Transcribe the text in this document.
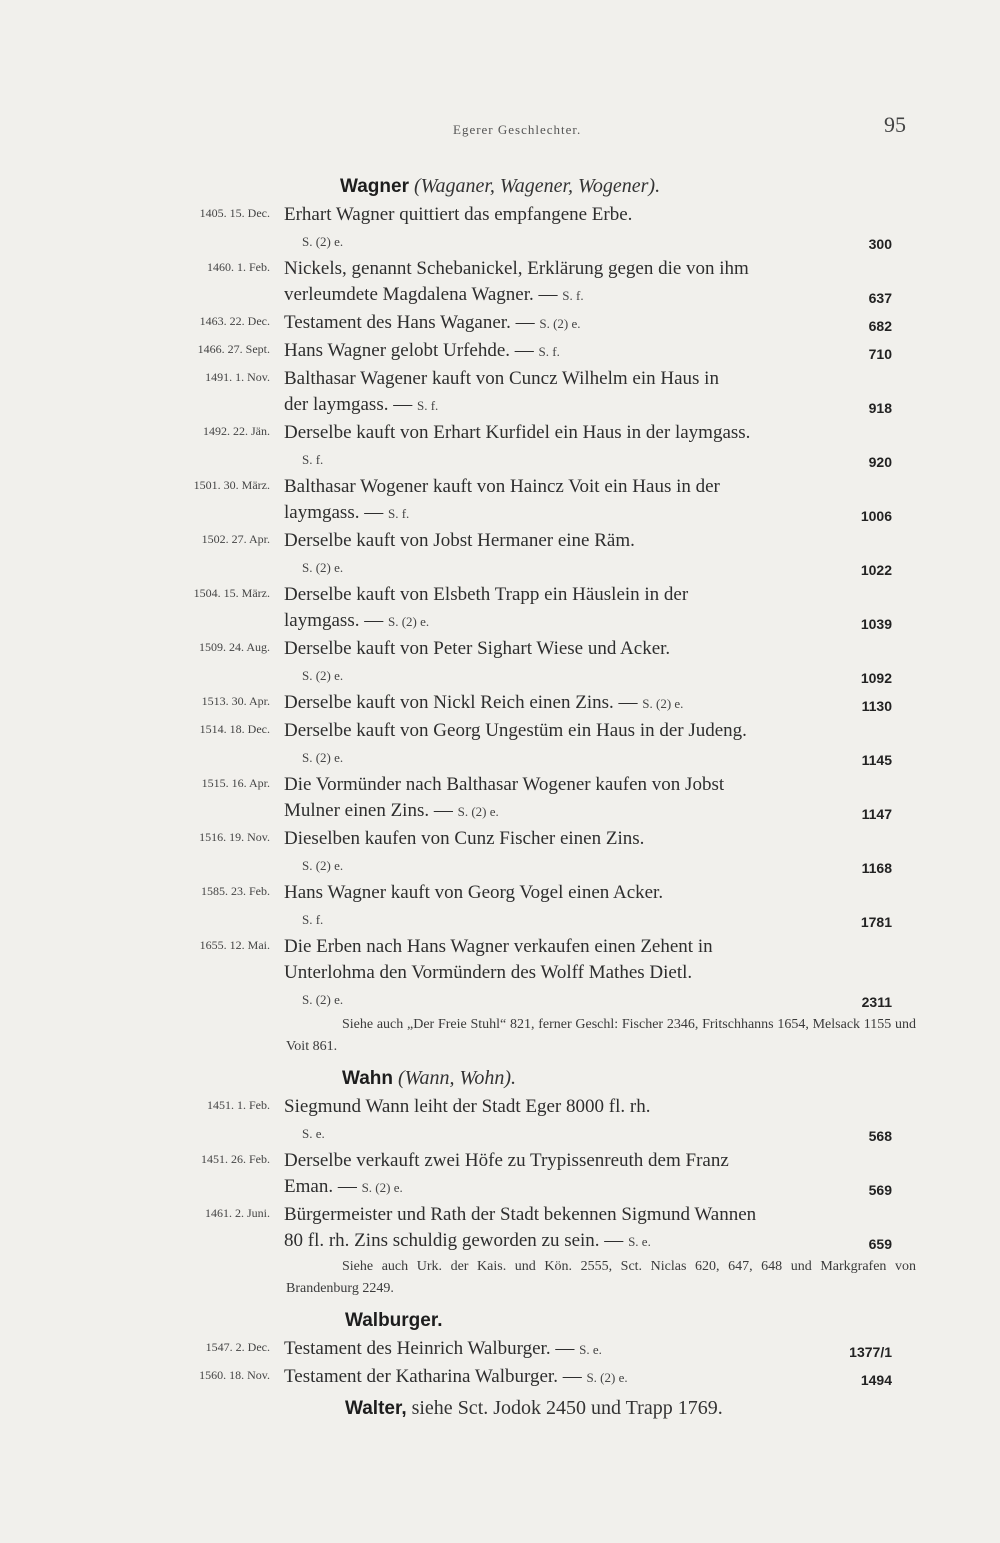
Egerer Geschlechter.	95
Wagner (Waganer, Wagener, Wogener).
1405. 15. Dec. Erhart Wagner quittiert das empfangene Erbe.
S. (2) e.	300
1460. 1. Feb. Nickels, genannt Schebanickel, Erklärung gegen die von ihm
verleumdete Magdalena Wagner. — S. f.	637
1463. 22. Dec. Testament des Hans Waganer. — S. (2) e.	682
1466. 27. Sept. Hans Wagner gelobt Urfehde. — S. f.	710
1491. 1. Nov. Balthasar Wagener kauft von Cuncz Wilhelm ein Haus in
der laymgass. — S. f.	918
1492. 22. Jän. Derselbe kauft von Erhart Kurfidel ein Haus in der laymgass.
S. f.	920
1501. 30. März. Balthasar Wogener kauft von Haincz Voit ein Haus in der
laymgass. — S. f.	1006
1502. 27. Apr. Derselbe kauft von Jobst Hermaner eine Räm.
S. (2) e.	1022
1504. 15. März. Derselbe kauft von Elsbeth Trapp ein Häuslein in der
laymgass. — S. (2) e.	1039
1509. 24. Aug. Derselbe kauft von Peter Sighart Wiese und Acker.
S. (2) e.	1092
1513. 30. Apr. Derselbe kauft von Nickl Reich einen Zins. — S. (2) e.	1130
1514. 18. Dec. Derselbe kauft von Georg Ungestüm ein Haus in der Judeng.
S. (2) e.	1145
1515. 16. Apr. Die Vormünder nach Balthasar Wogener kaufen von Jobst
Mulner einen Zins. — S. (2) e.	1147
1516. 19. Nov. Dieselben kaufen von Cunz Fischer einen Zins.
S. (2) e.	1168
1585. 23. Feb. Hans Wagner kauft von Georg Vogel einen Acker.
S. f.	1781
1655. 12. Mai. Die Erben nach Hans Wagner verkaufen einen Zehent in
Unterlohma den Vormündern des Wolff Mathes Dietl.
S. (2) e.	2311
Siehe auch „Der Freie Stuhl“ 821, ferner Geschl: Fischer 2346, Fritschhanns 1654, Melsack 1155 und Voit 861.
Wahn (Wann, Wohn).
1451. 1. Feb. Siegmund Wann leiht der Stadt Eger 8000 fl. rh.
S. e.	568
1451. 26. Feb. Derselbe verkauft zwei Höfe zu Trypissenreuth dem Franz
Eman. — S. (2) e.	569
1461. 2. Juni. Bürgermeister und Rath der Stadt bekennen Sigmund Wannen
80 fl. rh. Zins schuldig geworden zu sein. — S. e.	659
Siehe auch Urk. der Kais. und Kön. 2555, Sct. Niclas 620, 647, 648 und Markgrafen von Brandenburg 2249.
Walburger.
1547. 2. Dec. Testament des Heinrich Walburger. — S. e.	1377/1
1560. 18. Nov. Testament der Katharina Walburger. — S. (2) e.	1494
Walter, siehe Sct. Jodok 2450 und Trapp 1769.
